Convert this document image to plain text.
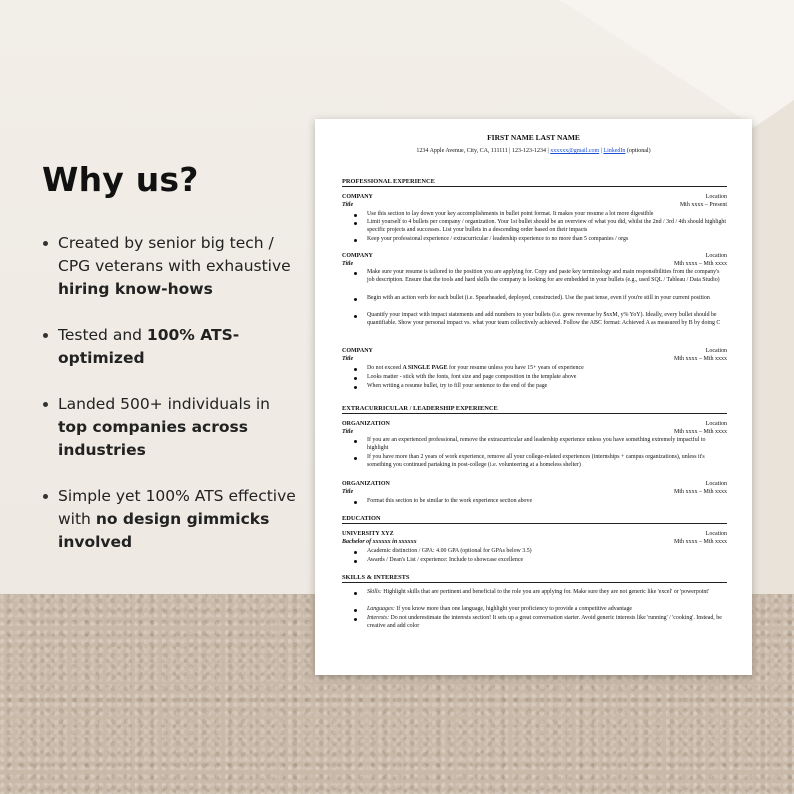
Why us?
Created by senior big tech / CPG veterans with exhaustive hiring know-hows
Tested and 100% ATS-optimized
Landed 500+ individuals in top companies across industries
Simple yet 100% ATS effective with no design gimmicks involved
FIRST NAME LAST NAME
1234 Apple Avenue, City, CA, 111111 | 123-123-1234 | xxxxxx@gmail.com | LinkedIn (optional)
PROFESSIONAL EXPERIENCE
COMPANY	Location
Title	Mth xxxx – Present
Use this section to lay down your key accomplishments in bullet point format. It makes your resume a lot more digestible
Limit yourself to 4 bullets per company / organization. Your 1st bullet should be an overview of what you did, whilst the 2nd / 3rd / 4th should highlight specific projects and successes. List your bullets in a descending order based on their impacts
Keep your professional experience / extracurricular / leadership experience to no more than 5 companies / orgs
COMPANY	Location
Title	Mth xxxx – Mth xxxx
Make sure your resume is tailored to the position you are applying for. Copy and paste key terminology and main responsibilities from the company's job description. Ensure that the tools and hard skills the company is looking for are embedded in your bullets (e.g., used SQL / Tableau / Data Studio)
Begin with an action verb for each bullet (i.e. Spearheaded, deployed, constructed). Use the past tense, even if you're still in your current position
Quantify your impact with impact statements and add numbers to your bullets (i.e. grew revenue by $xxM, y% YoY). Ideally, every bullet should be quantifiable. Show your personal impact vs. what your team collectively achieved. Follow the ABC format: Achieved A as measured by B by doing C
COMPANY	Location
Title	Mth xxxx – Mth xxxx
Do not exceed A SINGLE PAGE for your resume unless you have 15+ years of experience
Looks matter - stick with the fonts, font size and page composition in the template above
When writing a resume bullet, try to fill your sentence to the end of the page
EXTRACURRICULAR / LEADERSHIP EXPERIENCE
ORGANIZATION	Location
Title	Mth xxxx – Mth xxxx
If you are an experienced professional, remove the extracurricular and leadership experience unless you have something extremely impactful to highlight
If you have more than 2 years of work experience, remove all your college-related experiences (internships + campus organizations), unless it's something you continued partaking in post-college (i.e. volunteering at a homeless shelter)
ORGANIZATION	Location
Title	Mth xxxx – Mth xxxx
Format this section to be similar to the work experience section above
EDUCATION
UNIVERSITY XYZ	Location
Bachelor of xxxxxx in xxxxxx	Mth xxxx – Mth xxxx
Academic distinction / GPA: 4.00 GPA (optional for GPAs below 3.5)
Awards / Dean's List / experience: Include to showcase excellence
SKILLS & INTERESTS
Skills: Highlight skills that are pertinent and beneficial to the role you are applying for. Make sure they are not generic like 'excel' or 'powerpoint'
Languages: If you know more than one language, highlight your proficiency to provide a competitive advantage
Interests: Do not underestimate the interests section! It sets up a great conversation starter. Avoid generic interests like 'running' / 'cooking'. Instead, be creative and add color
